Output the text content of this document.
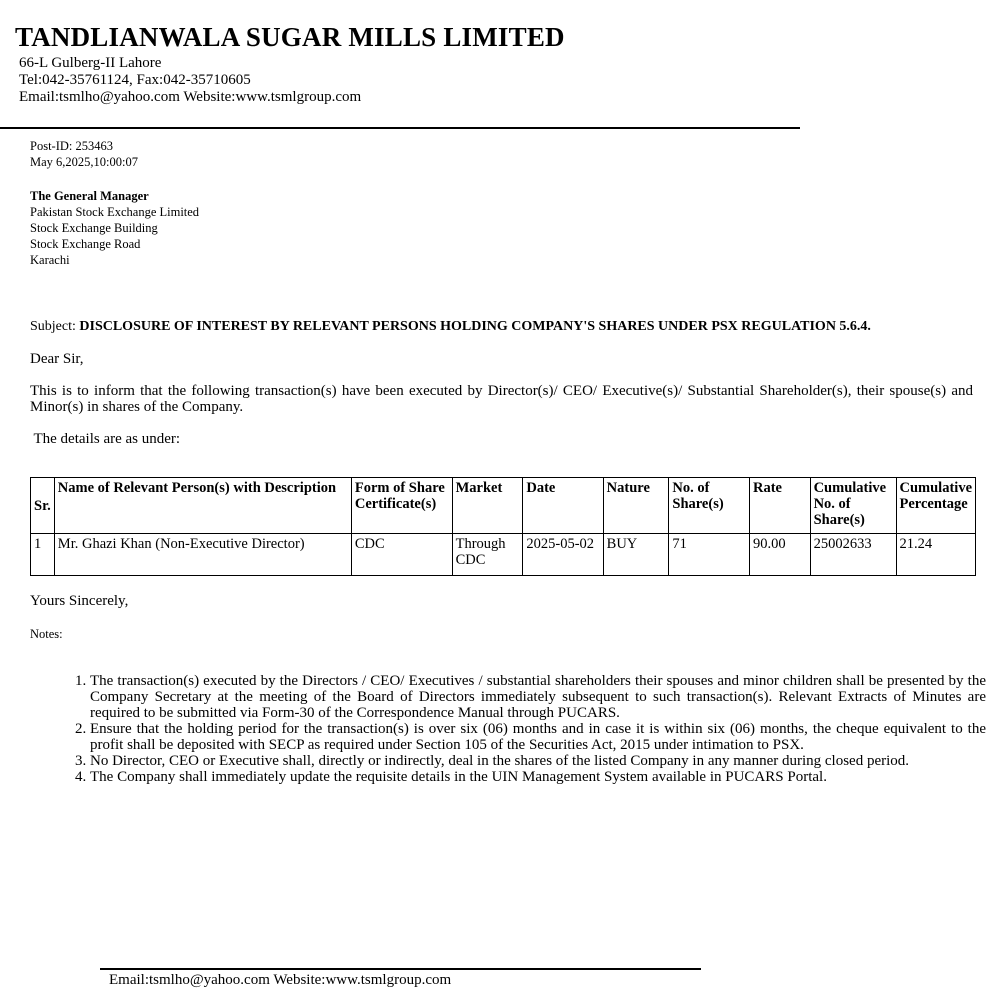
TANDLIANWALA SUGAR MILLS LIMITED
66-L Gulberg-II Lahore
Tel:042-35761124, Fax:042-35710605
Email:tsmlho@yahoo.com Website:www.tsmlgroup.com
Post-ID: 253463
May 6,2025,10:00:07
The General Manager
Pakistan Stock Exchange Limited
Stock Exchange Building
Stock Exchange Road
Karachi
Subject: DISCLOSURE OF INTEREST BY RELEVANT PERSONS HOLDING COMPANY'S SHARES UNDER PSX REGULATION 5.6.4.
Dear Sir,
This is to inform that the following transaction(s) have been executed by Director(s)/ CEO/ Executive(s)/ Substantial Shareholder(s), their spouse(s) and Minor(s) in shares of the Company.
The details are as under:
Sr.	Name of Relevant Person(s) with Description	Form of Share Certificate(s)	Market	Date	Nature	No. of Share(s)	Rate	Cumulative No. of Share(s)	Cumulative Percentage
1	Mr. Ghazi Khan (Non-Executive Director)	CDC	Through CDC	2025-05-02	BUY	71	90.00	25002633	21.24
Yours Sincerely,
Notes:
1. The transaction(s) executed by the Directors / CEO/ Executives / substantial shareholders their spouses and minor children shall be presented by the Company Secretary at the meeting of the Board of Directors immediately subsequent to such transaction(s). Relevant Extracts of Minutes are required to be submitted via Form-30 of the Correspondence Manual through PUCARS.
2. Ensure that the holding period for the transaction(s) is over six (06) months and in case it is within six (06) months, the cheque equivalent to the profit shall be deposited with SECP as required under Section 105 of the Securities Act, 2015 under intimation to PSX.
3. No Director, CEO or Executive shall, directly or indirectly, deal in the shares of the listed Company in any manner during closed period.
4. The Company shall immediately update the requisite details in the UIN Management System available in PUCARS Portal.
Email:tsmlho@yahoo.com Website:www.tsmlgroup.com
